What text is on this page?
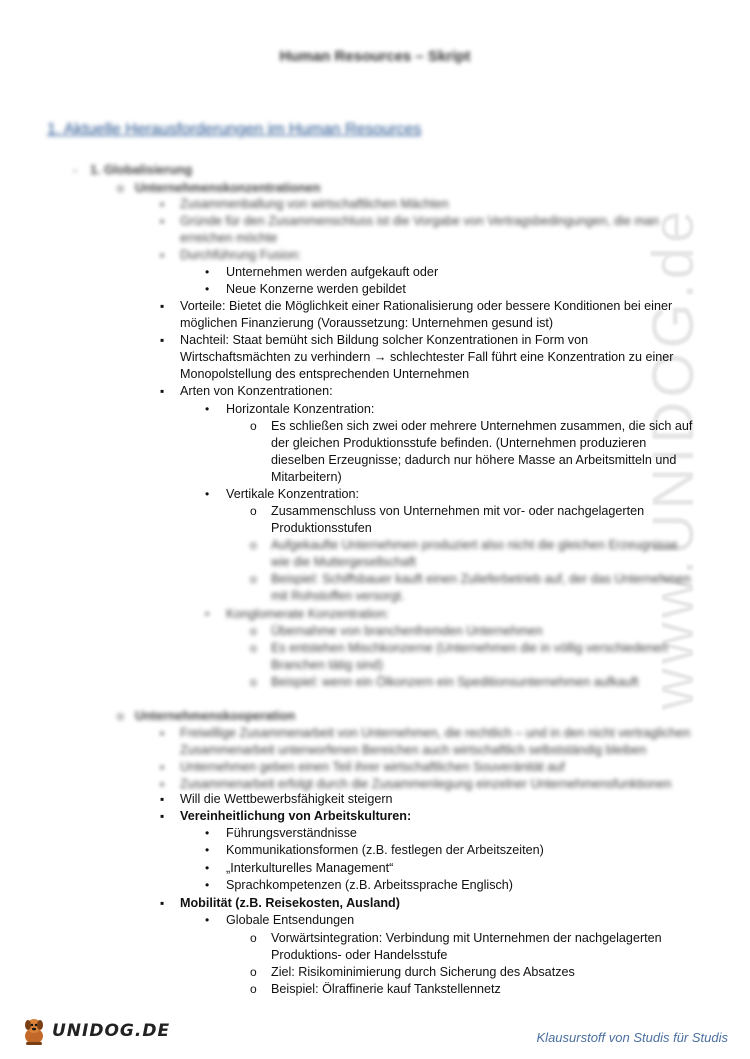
www.UNIDOG.de
Human Resources – Skript
1. Aktuelle Herausforderungen im Human Resources
- 1. Globalisierung
o Unternehmenskonzentrationen
▪ Zusammenballung von wirtschaftlichen Mächten
▪ Gründe für den Zusammenschluss ist die Vorgabe von Vertragsbedingungen, die man erreichen möchte
▪ Durchführung Fusion:
• Unternehmen werden aufgekauft oder
• Neue Konzerne werden gebildet
▪ Vorteile: Bietet die Möglichkeit einer Rationalisierung oder bessere Konditionen bei einer möglichen Finanzierung (Voraussetzung: Unternehmen gesund ist)
▪ Nachteil: Staat bemüht sich Bildung solcher Konzentrationen in Form von Wirtschaftsmächten zu verhindern → schlechtester Fall führt eine Konzentration zu einer Monopolstellung des entsprechenden Unternehmen
▪ Arten von Konzentrationen:
• Horizontale Konzentration:
o Es schließen sich zwei oder mehrere Unternehmen zusammen, die sich auf der gleichen Produktionsstufe befinden. (Unternehmen produzieren dieselben Erzeugnisse; dadurch nur höhere Masse an Arbeitsmitteln und Mitarbeitern)
• Vertikale Konzentration:
o Zusammenschluss von Unternehmen mit vor- oder nachgelagerten Produktionsstufen
o Aufgekaufte Unternehmen produziert also nicht die gleichen Erzeugnisse wie die Muttergesellschaft
o Beispiel: Schiffsbauer kauft einen Zulieferbetrieb auf, der das Unternehmen mit Rohstoffen versorgt.
• Konglomerate Konzentration:
o Übernahme von branchenfremden Unternehmen
o Es entstehen Mischkonzerne (Unternehmen die in völlig verschiedenen Branchen tätig sind)
o Beispiel: wenn ein Ölkonzern ein Speditionsunternehmen aufkauft
o Unternehmenskooperation
▪ Freiwillige Zusammenarbeit von Unternehmen, die rechtlich – und in den nicht vertraglichen Zusammenarbeit unterworfenen Bereichen auch wirtschaftlich selbstständig bleiben
▪ Unternehmen geben einen Teil ihrer wirtschaftlichen Souveränität auf
▪ Zusammenarbeit erfolgt durch die Zusammenlegung einzelner Unternehmensfunktionen
▪ Will die Wettbewerbsfähigkeit steigern
▪ Vereinheitlichung von Arbeitskulturen:
• Führungsverständnisse
• Kommunikationsformen (z.B. festlegen der Arbeitszeiten)
• „Interkulturelles Management“
• Sprachkompetenzen (z.B. Arbeitssprache Englisch)
▪ Mobilität (z.B. Reisekosten, Ausland)
• Globale Entsendungen
o Vorwärtsintegration: Verbindung mit Unternehmen der nachgelagerten Produktions- oder Handelsstufe
o Ziel: Risikominimierung durch Sicherung des Absatzes
o Beispiel: Ölraffinerie kauf Tankstellennetz
UNIDOG.DE	Klausurstoff von Studis für Studis
